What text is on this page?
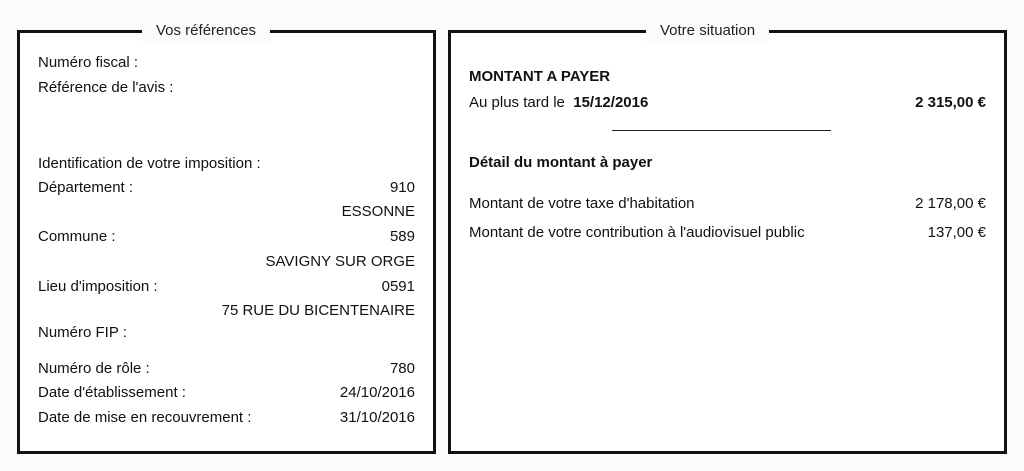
Vos références
Numéro fiscal :
Référence de l'avis :
Identification de votre imposition :
Département :	910
ESSONNE
Commune :	589
SAVIGNY SUR ORGE
Lieu d'imposition :	0591
75 RUE DU BICENTENAIRE
Numéro FIP :
Numéro de rôle :	780
Date d'établissement :	24/10/2016
Date de mise en recouvrement :	31/10/2016
Votre situation
MONTANT A PAYER
Au plus tard le 15/12/2016	2 315,00 €
Détail du montant à payer
Montant de votre taxe d'habitation	2 178,00 €
Montant de votre contribution à l'audiovisuel public	137,00 €
